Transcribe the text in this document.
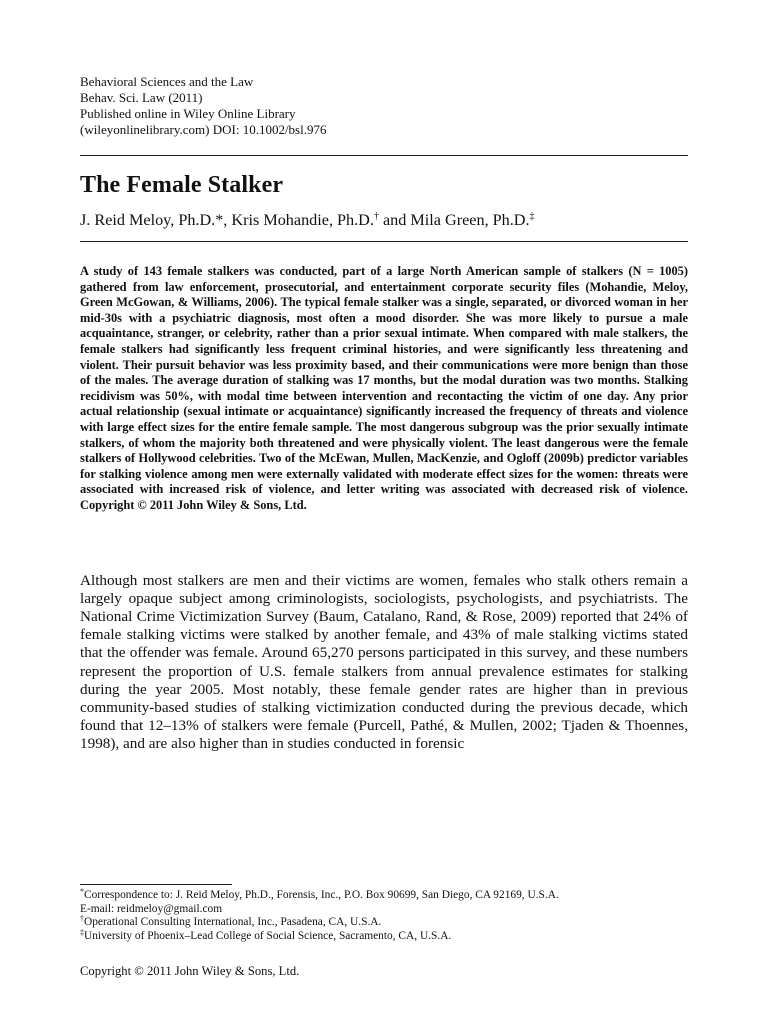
Behavioral Sciences and the Law
Behav. Sci. Law (2011)
Published online in Wiley Online Library
(wileyonlinelibrary.com) DOI: 10.1002/bsl.976
The Female Stalker
J. Reid Meloy, Ph.D.*, Kris Mohandie, Ph.D.† and Mila Green, Ph.D.‡

A study of 143 female stalkers was conducted, part of a large North American sample of stalkers (N = 1005) gathered from law enforcement, prosecutorial, and entertainment corporate security files (Mohandie, Meloy, Green McGowan, & Williams, 2006). The typical female stalker was a single, separated, or divorced woman in her mid-30s with a psychiatric diagnosis, most often a mood disorder. She was more likely to pursue a male acquaintance, stranger, or celebrity, rather than a prior sexual intimate. When compared with male stalkers, the female stalkers had significantly less frequent criminal histories, and were significantly less threatening and violent. Their pursuit behavior was less proximity based, and their communications were more benign than those of the males. The average duration of stalking was 17 months, but the modal duration was two months. Stalking recidivism was 50%, with modal time between intervention and recontacting the victim of one day. Any prior actual relationship (sexual intimate or acquaintance) significantly increased the frequency of threats and violence with large effect sizes for the entire female sample. The most dangerous subgroup was the prior sexually intimate stalkers, of whom the majority both threatened and were physically violent. The least dangerous were the female stalkers of Hollywood celebrities. Two of the McEwan, Mullen, MacKenzie, and Ogloff (2009b) predictor variables for stalking violence among men were externally validated with moderate effect sizes for the women: threats were associated with increased risk of violence, and letter writing was associated with decreased risk of violence. Copyright © 2011 John Wiley & Sons, Ltd.

Although most stalkers are men and their victims are women, females who stalk others remain a largely opaque subject among criminologists, sociologists, psychologists, and psychiatrists. The National Crime Victimization Survey (Baum, Catalano, Rand, & Rose, 2009) reported that 24% of female stalking victims were stalked by another female, and 43% of male stalking victims stated that the offender was female. Around 65,270 persons participated in this survey, and these numbers represent the proportion of U.S. female stalkers from annual prevalence estimates for stalking during the year 2005. Most notably, these female gender rates are higher than in previous community-based studies of stalking victimization conducted during the previous decade, which found that 12–13% of stalkers were female (Purcell, Pathé, & Mullen, 2002; Tjaden & Thoennes, 1998), and are also higher than in studies conducted in forensic

*Correspondence to: J. Reid Meloy, Ph.D., Forensis, Inc., P.O. Box 90699, San Diego, CA 92169, U.S.A.
E-mail: reidmeloy@gmail.com
†Operational Consulting International, Inc., Pasadena, CA, U.S.A.
‡University of Phoenix–Lead College of Social Science, Sacramento, CA, U.S.A.
Copyright © 2011 John Wiley & Sons, Ltd.
